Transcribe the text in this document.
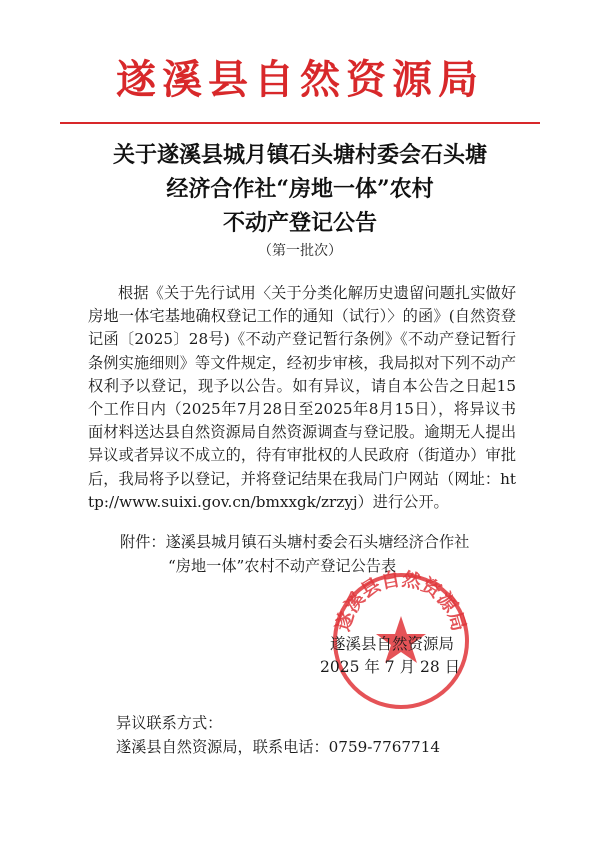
遂溪县自然资源局
关于遂溪县城月镇石头塘村委会石头塘
经济合作社“房地一体”农村
不动产登记公告
（第一批次）
根据《关于先行试用〈关于分类化解历史遗留问题扎实做好房地一体宅基地确权登记工作的通知（试行）〉的函》(自然资登记函〔2025〕28号)《不动产登记暂行条例》《不动产登记暂行条例实施细则》等文件规定，经初步审核，我局拟对下列不动产权利予以登记，现予以公告。如有异议，请自本公告之日起15个工作日内（2025年7月28日至2025年8月15日），将异议书面材料送达县自然资源局自然资源调查与登记股。逾期无人提出异议或者异议不成立的，待有审批权的人民政府（街道办）审批后，我局将予以登记，并将登记结果在我局门户网站（网址：http://www.suixi.gov.cn/bmxxgk/zrzyj）进行公开。
附件：遂溪县城月镇石头塘村委会石头塘经济合作社
“房地一体”农村不动产登记公告表
遂溪县自然资源局
遂溪县自然资源局
2025 年 7 月 28 日
异议联系方式：
遂溪县自然资源局，联系电话：0759-7767714
